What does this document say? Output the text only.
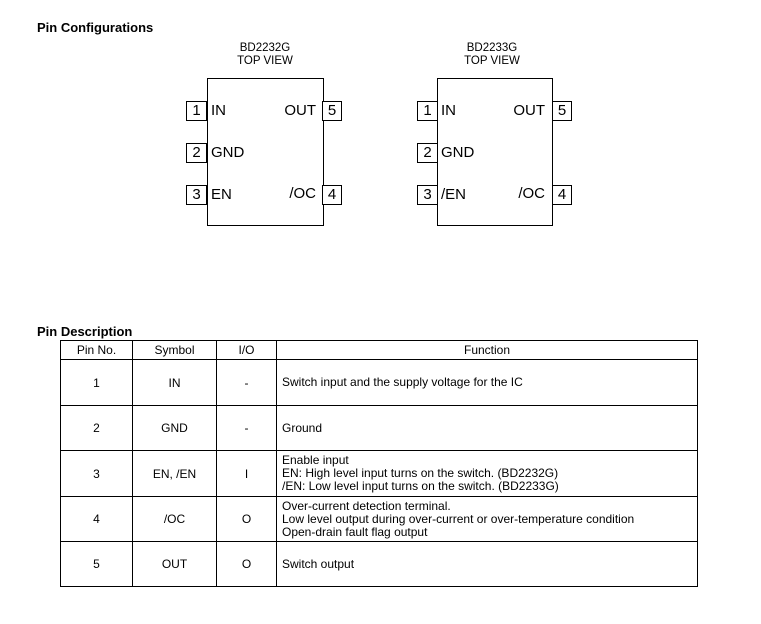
Pin Configurations
BD2232G
TOP VIEW
1 IN
2 GND
3 EN
OUT 5
/OC 4
BD2233G
TOP VIEW
1 IN
2 GND
3 /EN
OUT 5
/OC 4
Pin Description
Pin No.	Symbol	I/O	Function
1	IN	-	Switch input and the supply voltage for the IC

2	GND	-	Ground

3	EN, /EN	I	Enable input
EN: High level input turns on the switch. (BD2232G)
/EN: Low level input turns on the switch. (BD2233G)

4	/OC	O	Over-current detection terminal.
Low level output during over-current or over-temperature condition
Open-drain fault flag output

5	OUT	O	Switch output
